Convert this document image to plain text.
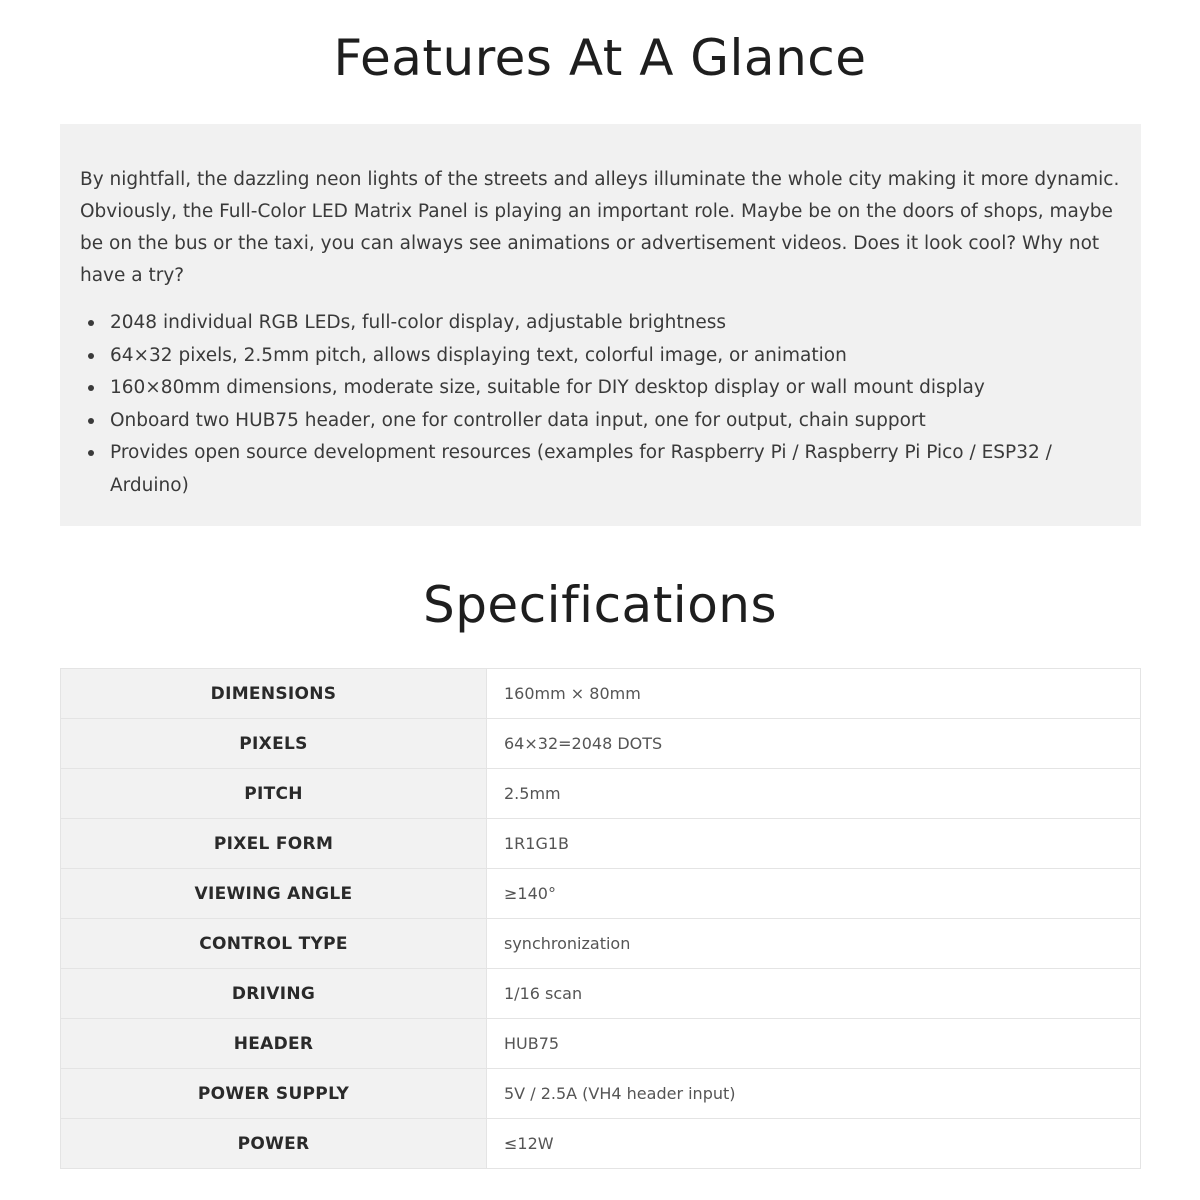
Features At A Glance

By nightfall, the dazzling neon lights of the streets and alleys illuminate the whole city making it more dynamic. Obviously, the Full-Color LED Matrix Panel is playing an important role. Maybe be on the doors of shops, maybe be on the bus or the taxi, you can always see animations or advertisement videos. Does it look cool? Why not have a try?

2048 individual RGB LEDs, full-color display, adjustable brightness
64×32 pixels, 2.5mm pitch, allows displaying text, colorful image, or animation
160×80mm dimensions, moderate size, suitable for DIY desktop display or wall mount display
Onboard two HUB75 header, one for controller data input, one for output, chain support
Provides open source development resources (examples for Raspberry Pi / Raspberry Pi Pico / ESP32 / Arduino)
Specifications
DIMENSIONS	160mm × 80mm
PIXELS	64×32=2048 DOTS
PITCH	2.5mm
PIXEL FORM	1R1G1B
VIEWING ANGLE	≥140°
CONTROL TYPE	synchronization
DRIVING	1/16 scan
HEADER	HUB75
POWER SUPPLY	5V / 2.5A (VH4 header input)
POWER	≤12W
